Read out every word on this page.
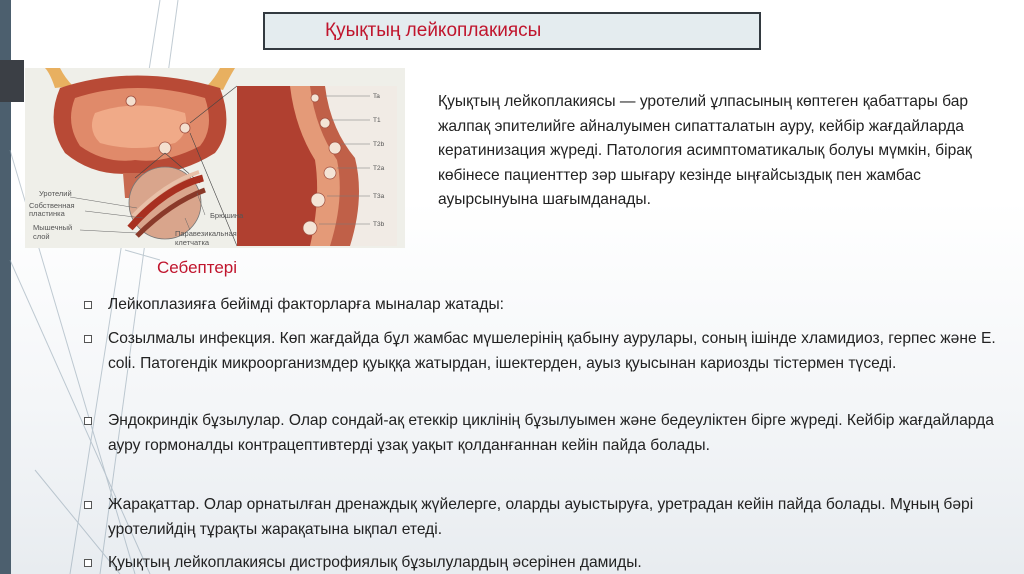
Қуықтың лейкоплакиясы
Ta
T1
T2b
T2a
T3a
T3b
Уротелий
Собственная
пластинка
Мышечный
слой
Брюшина
Паравезикальная
клетчатка
Қуықтың лейкоплакиясы — уротелий ұлпасының көптеген қабаттары бар жалпақ эпителийге айналуымен сипатталатын ауру, кейбір жағдайларда кератинизация жүреді. Патология асимптоматикалық болуы мүмкін, бірақ көбінесе пациенттер зәр шығару кезінде ыңғайсыздық пен жамбас ауырсынуына шағымданады.
Себептері
Лейкоплазияға бейімді факторларға мыналар жатады:
Созылмалы инфекция. Көп жағдайда бұл жамбас мүшелерінің қабыну аурулары, соның ішінде хламидиоз, герпес және E. coli. Патогендік микроорганизмдер қуыққа жатырдан, ішектерден, ауыз қуысынан кариозды тістермен түседі.
Эндокриндік бұзылулар. Олар сондай-ақ етеккір циклінің бұзылуымен және бедеуліктен бірге жүреді. Кейбір жағдайларда ауру гормоналды контрацептивтерді ұзақ уақыт қолданғаннан кейін пайда болады.
Жарақаттар. Олар орнатылған дренаждық жүйелерге, оларды ауыстыруға, уретрадан кейін пайда болады. Мұның бәрі уротелийдің тұрақты жарақатына ықпал етеді.
Қуықтың лейкоплакиясы дистрофиялық бұзылулардың әсерінен дамиды.
